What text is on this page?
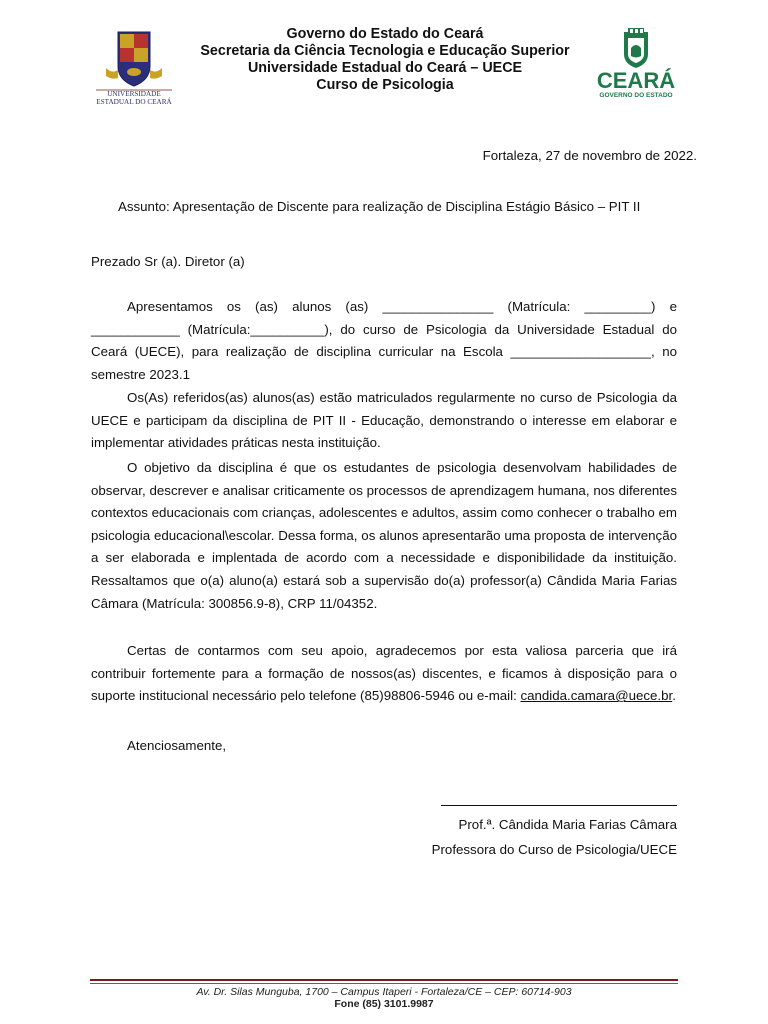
UNIVERSIDADE
ESTADUAL DO CEARÁ
Governo do Estado do Ceará
Secretaria da Ciência Tecnologia e Educação Superior
Universidade Estadual do Ceará – UECE
Curso de Psicologia	CEARÁ
GOVERNO DO ESTADO
Fortaleza, 27 de novembro de 2022.
Assunto: Apresentação de Discente para realização de Disciplina Estágio Básico – PIT II
Prezado Sr (a). Diretor (a)
Apresentamos os (as) alunos (as) _______________ (Matrícula: _________) e ____________ (Matrícula:__________), do curso de Psicologia da Universidade Estadual do Ceará (UECE), para realização de disciplina curricular na Escola ___________________, no semestre 2023.1
Os(As) referidos(as) alunos(as) estão matriculados regularmente no curso de Psicologia da UECE e participam da disciplina de PIT II - Educação, demonstrando o interesse em elaborar e implementar atividades práticas nesta instituição.
O objetivo da disciplina é que os estudantes de psicologia desenvolvam habilidades de observar, descrever e analisar criticamente os processos de aprendizagem humana, nos diferentes contextos educacionais com crianças, adolescentes e adultos, assim como conhecer o trabalho em psicologia educacional\escolar. Dessa forma, os alunos apresentarão uma proposta de intervenção a ser elaborada e implentada de acordo com a necessidade e disponibilidade da instituição. Ressaltamos que o(a) aluno(a) estará sob a supervisão do(a) professor(a) Cândida Maria Farias Câmara (Matrícula: 300856.9-8), CRP 11/04352.
Certas de contarmos com seu apoio, agradecemos por esta valiosa parceria que irá contribuir fortemente para a formação de nossos(as) discentes, e ficamos à disposição para o suporte institucional necessário pelo telefone (85)98806-5946 ou e-mail: candida.camara@uece.br.
Atenciosamente,
Prof.ª. Cândida Maria Farias Câmara
Professora do Curso de Psicologia/UECE
Av. Dr. Silas Munguba, 1700 – Campus Itaperi - Fortaleza/CE – CEP: 60714-903
Fone (85) 3101.9987
